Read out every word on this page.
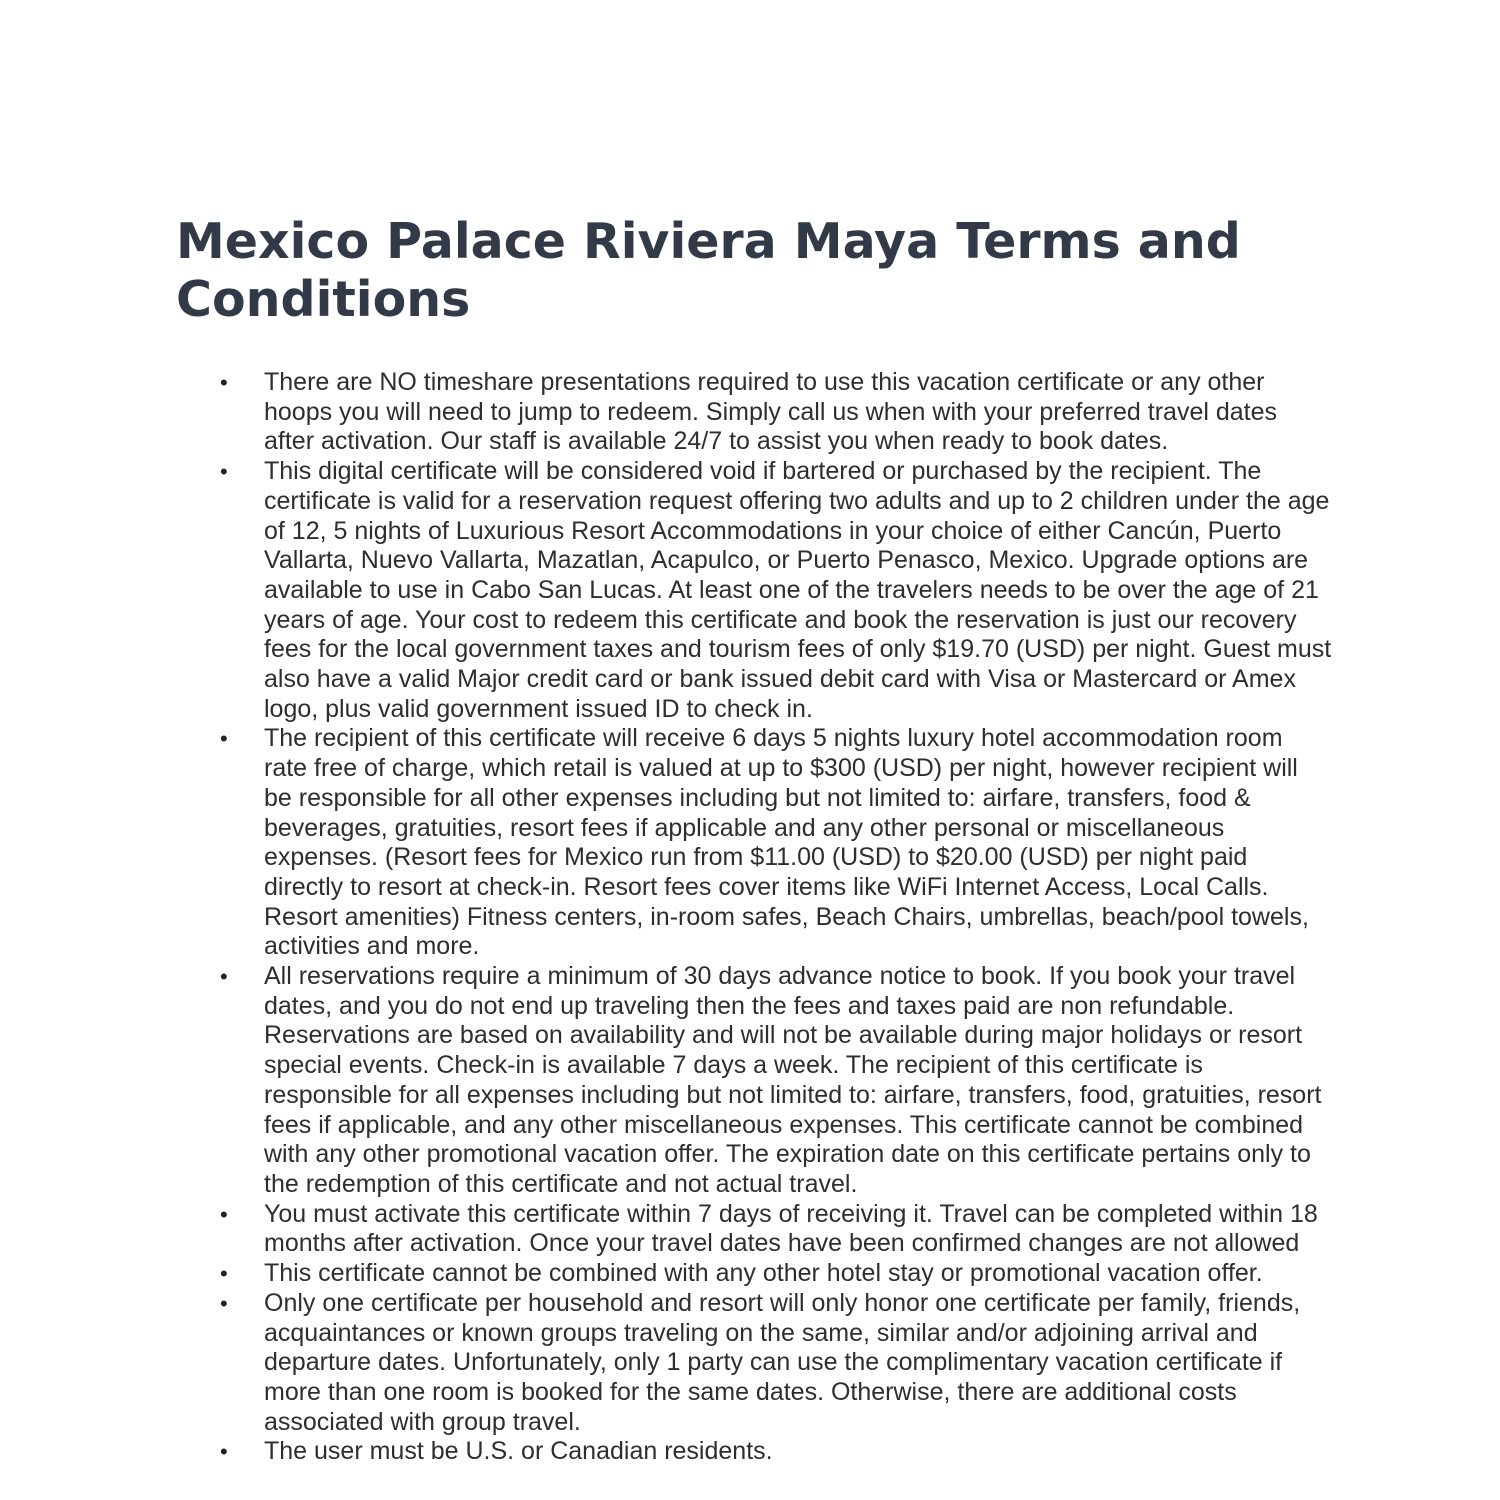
Mexico Palace Riviera Maya Terms and Conditions
• There are NO timeshare presentations required to use this vacation certificate or any other hoops you will need to jump to redeem. Simply call us when with your preferred travel dates after activation. Our staff is available 24/7 to assist you when ready to book dates.
• This digital certificate will be considered void if bartered or purchased by the recipient. The certificate is valid for a reservation request offering two adults and up to 2 children under the age of 12, 5 nights of Luxurious Resort Accommodations in your choice of either Cancún, Puerto Vallarta, Nuevo Vallarta, Mazatlan, Acapulco, or Puerto Penasco, Mexico. Upgrade options are available to use in Cabo San Lucas. At least one of the travelers needs to be over the age of 21 years of age. Your cost to redeem this certificate and book the reservation is just our recovery fees for the local government taxes and tourism fees of only $19.70 (USD) per night. Guest must also have a valid Major credit card or bank issued debit card with Visa or Mastercard or Amex logo, plus valid government issued ID to check in.
• The recipient of this certificate will receive 6 days 5 nights luxury hotel accommodation room rate free of charge, which retail is valued at up to $300 (USD) per night, however recipient will be responsible for all other expenses including but not limited to: airfare, transfers, food & beverages, gratuities, resort fees if applicable and any other personal or miscellaneous expenses. (Resort fees for Mexico run from $11.00 (USD) to $20.00 (USD) per night paid directly to resort at check-in. Resort fees cover items like WiFi Internet Access, Local Calls. Resort amenities) Fitness centers, in-room safes, Beach Chairs, umbrellas, beach/pool towels, activities and more.
• All reservations require a minimum of 30 days advance notice to book. If you book your travel dates, and you do not end up traveling then the fees and taxes paid are non refundable. Reservations are based on availability and will not be available during major holidays or resort special events. Check-in is available 7 days a week. The recipient of this certificate is responsible for all expenses including but not limited to: airfare, transfers, food, gratuities, resort fees if applicable, and any other miscellaneous expenses. This certificate cannot be combined with any other promotional vacation offer. The expiration date on this certificate pertains only to the redemption of this certificate and not actual travel.
• You must activate this certificate within 7 days of receiving it. Travel can be completed within 18 months after activation. Once your travel dates have been confirmed changes are not allowed
• This certificate cannot be combined with any other hotel stay or promotional vacation offer.
• Only one certificate per household and resort will only honor one certificate per family, friends, acquaintances or known groups traveling on the same, similar and/or adjoining arrival and departure dates. Unfortunately, only 1 party can use the complimentary vacation certificate if more than one room is booked for the same dates. Otherwise, there are additional costs associated with group travel.
• The user must be U.S. or Canadian residents.
